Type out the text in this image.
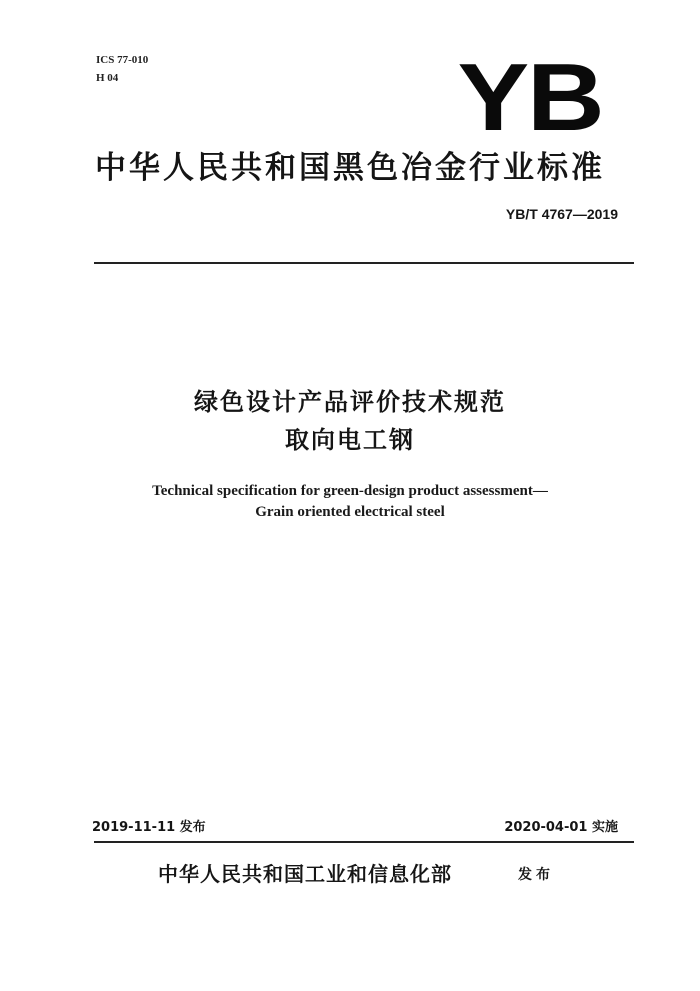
ICS 77-010
H 04	YB
中华人民共和国黑色冶金行业标准
YB/T 4767—2019
绿色设计产品评价技术规范
取向电工钢
Technical specification for green-design product assessment—
Grain oriented electrical steel
2019-11-11 发布	2020-04-01 实施
中华人民共和国工业和信息化部	发布
